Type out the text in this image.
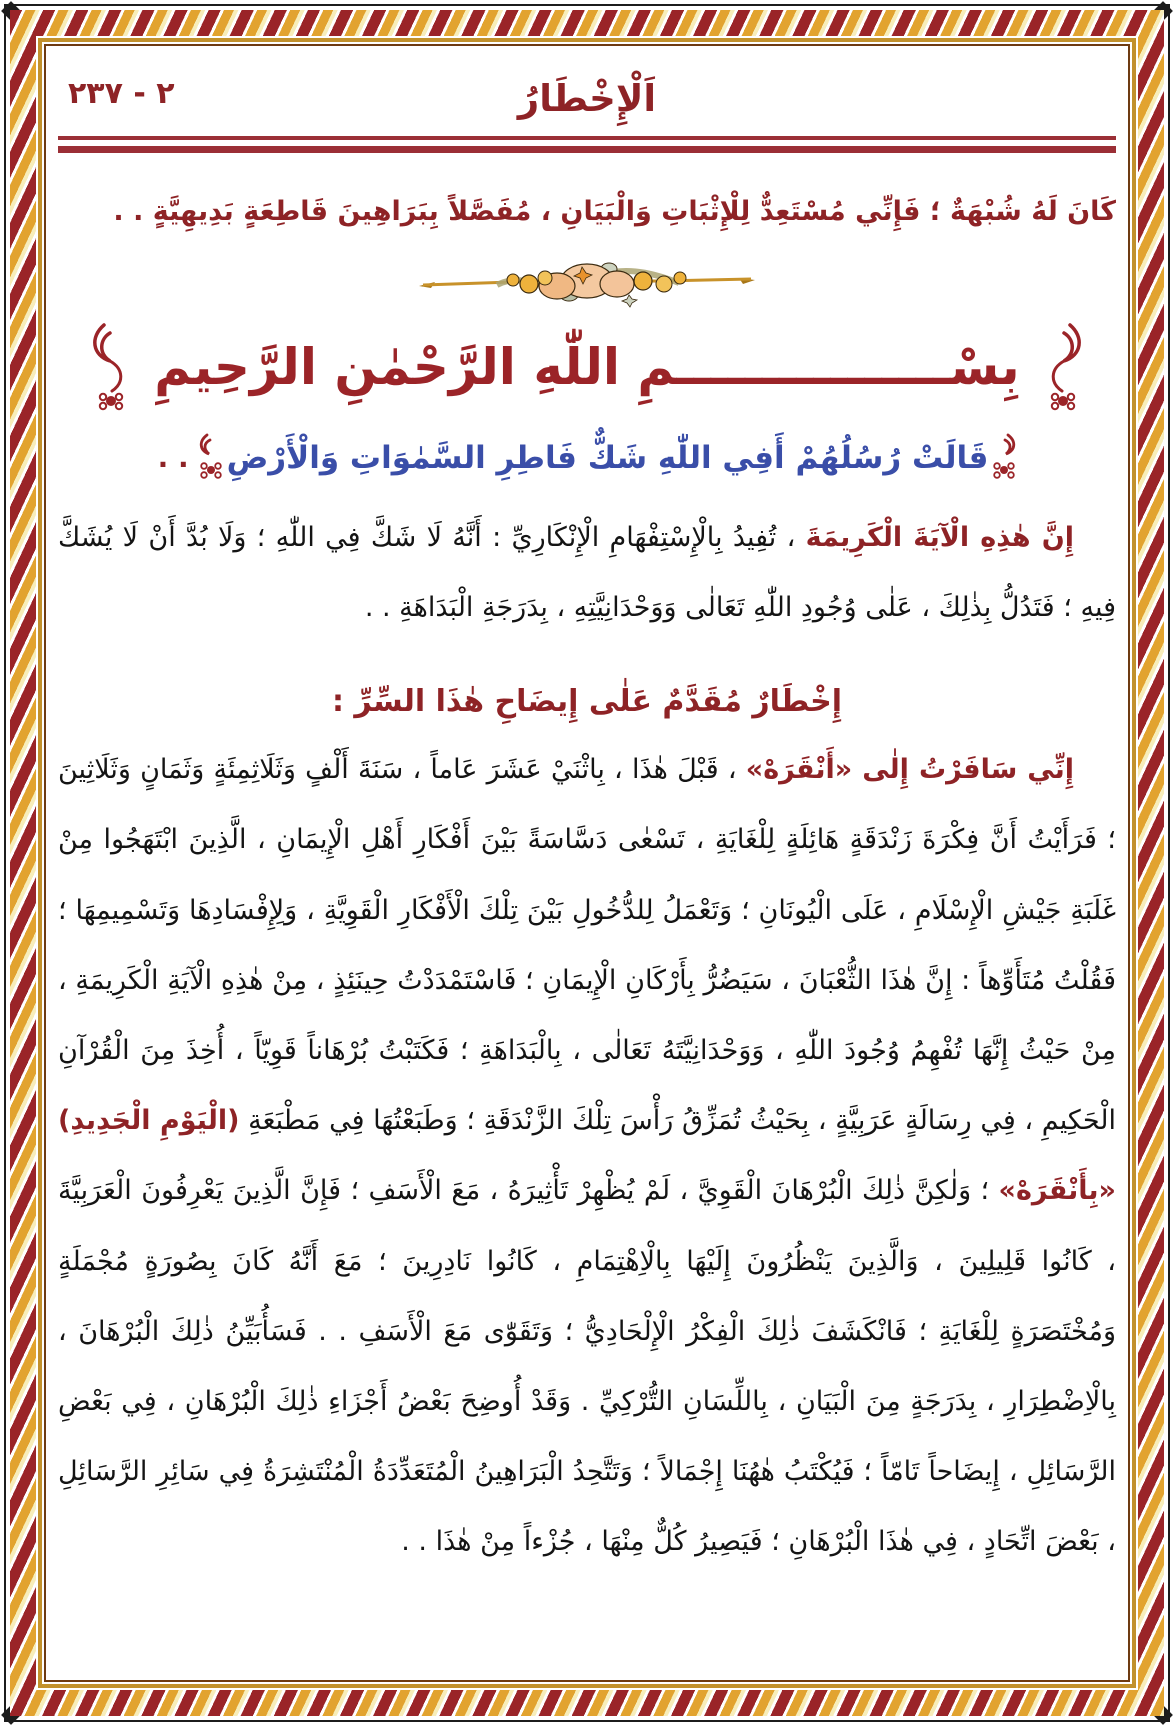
٢ - ٢٣٧	اَلْإِخْطَارُ
كَانَ لَهُ شُبْهَةٌ ؛ فَإِنِّي مُسْتَعِدٌّ لِلْإِثْبَاتِ وَالْبَيَانِ ، مُفَصَّلاً بِبَرَاهِينَ قَاطِعَةٍ بَدِيهِيَّةٍ . .
بِسْــــــــــــــــمِ اللّٰهِ الرَّحْمٰنِ الرَّحِيمِ
قَالَتْ رُسُلُهُمْ أَفِي اللّٰهِ شَكٌّ فَاطِرِ السَّمٰوَاتِ وَالْأَرْضِ
. .

إِنَّ هٰذِهِ الْآيَةَ الْكَرِيمَةَ ، تُفِيدُ بِالْإِسْتِفْهَامِ الْإِنْكَارِيِّ : أَنَّهُ لَا شَكَّ فِي اللّٰهِ ؛ وَلَا بُدَّ أَنْ لَا يُشَكَّ فِيهِ ؛ فَتَدُلُّ بِذٰلِكَ ، عَلٰى وُجُودِ اللّٰهِ تَعَالٰى وَوَحْدَانِيَّتِهِ ، بِدَرَجَةِ الْبَدَاهَةِ . .

إِخْطَارٌ مُقَدَّمٌ عَلٰى إِيضَاحِ هٰذَا السِّرِّ :

إِنِّي سَافَرْتُ إِلٰى «أَنْقَرَهْ» ، قَبْلَ هٰذَا ، بِاثْنَيْ عَشَرَ عَاماً ، سَنَةَ أَلْفٍ وَثَلَاثِمِئَةٍ وَثَمَانٍ وَثَلَاثِينَ ؛ فَرَأَيْتُ أَنَّ فِكْرَةَ زَنْدَقَةٍ هَائِلَةٍ لِلْغَايَةِ ، تَسْعٰى دَسَّاسَةً بَيْنَ أَفْكَارِ أَهْلِ الْإِيمَانِ ، الَّذِينَ ابْتَهَجُوا مِنْ غَلَبَةِ جَيْشِ الْإِسْلَامِ ، عَلَى الْيُونَانِ ؛ وَتَعْمَلُ لِلدُّخُولِ بَيْنَ تِلْكَ الْأَفْكَارِ الْقَوِيَّةِ ، وَلِإِفْسَادِهَا وَتَسْمِيمِهَا ؛ فَقُلْتُ مُتَأَوِّهاً : إِنَّ هٰذَا الثُّعْبَانَ ، سَيَضُرُّ بِأَرْكَانِ الْإِيمَانِ ؛ فَاسْتَمْدَدْتُ حِينَئِذٍ ، مِنْ هٰذِهِ الْآيَةِ الْكَرِيمَةِ ، مِنْ حَيْثُ إِنَّهَا تُفْهِمُ وُجُودَ اللّٰهِ ، وَوَحْدَانِيَّتَهُ تَعَالٰى ، بِالْبَدَاهَةِ ؛ فَكَتَبْتُ بُرْهَاناً قَوِيّاً ، أُخِذَ مِنَ الْقُرْآنِ الْحَكِيمِ ، فِي رِسَالَةٍ عَرَبِيَّةٍ ، بِحَيْثُ تُمَزِّقُ رَأْسَ تِلْكَ الزَّنْدَقَةِ ؛ وَطَبَعْتُهَا فِي مَطْبَعَةِ (الْيَوْمِ الْجَدِيدِ) «بِأَنْقَرَهْ» ؛ وَلٰكِنَّ ذٰلِكَ الْبُرْهَانَ الْقَوِيَّ ، لَمْ يُظْهِرْ تَأْثِيرَهُ ، مَعَ الْأَسَفِ ؛ فَإِنَّ الَّذِينَ يَعْرِفُونَ الْعَرَبِيَّةَ ، كَانُوا قَلِيلِينَ ، وَالَّذِينَ يَنْظُرُونَ إِلَيْهَا بِالْاِهْتِمَامِ ، كَانُوا نَادِرِينَ ؛ مَعَ أَنَّهُ كَانَ بِصُورَةٍ مُجْمَلَةٍ وَمُخْتَصَرَةٍ لِلْغَايَةِ ؛ فَانْكَشَفَ ذٰلِكَ الْفِكْرُ الْإِلْحَادِيُّ ؛ وَتَقَوّٰى مَعَ الْأَسَفِ . . فَسَأُبَيِّنُ ذٰلِكَ الْبُرْهَانَ ، بِالْاِضْطِرَارِ ، بِدَرَجَةٍ مِنَ الْبَيَانِ ، بِاللِّسَانِ التُّرْكِيِّ . وَقَدْ أُوضِحَ بَعْضُ أَجْزَاءِ ذٰلِكَ الْبُرْهَانِ ، فِي بَعْضِ الرَّسَائِلِ ، إِيضَاحاً تَامّاً ؛ فَيُكْتَبُ هٰهُنَا إِجْمَالاً ؛ وَتَتَّحِدُ الْبَرَاهِينُ الْمُتَعَدِّدَةُ الْمُنْتَشِرَةُ فِي سَائِرِ الرَّسَائِلِ ، بَعْضَ اتِّحَادٍ ، فِي هٰذَا الْبُرْهَانِ ؛ فَيَصِيرُ كُلٌّ مِنْهَا ، جُزْءاً مِنْ هٰذَا . .
